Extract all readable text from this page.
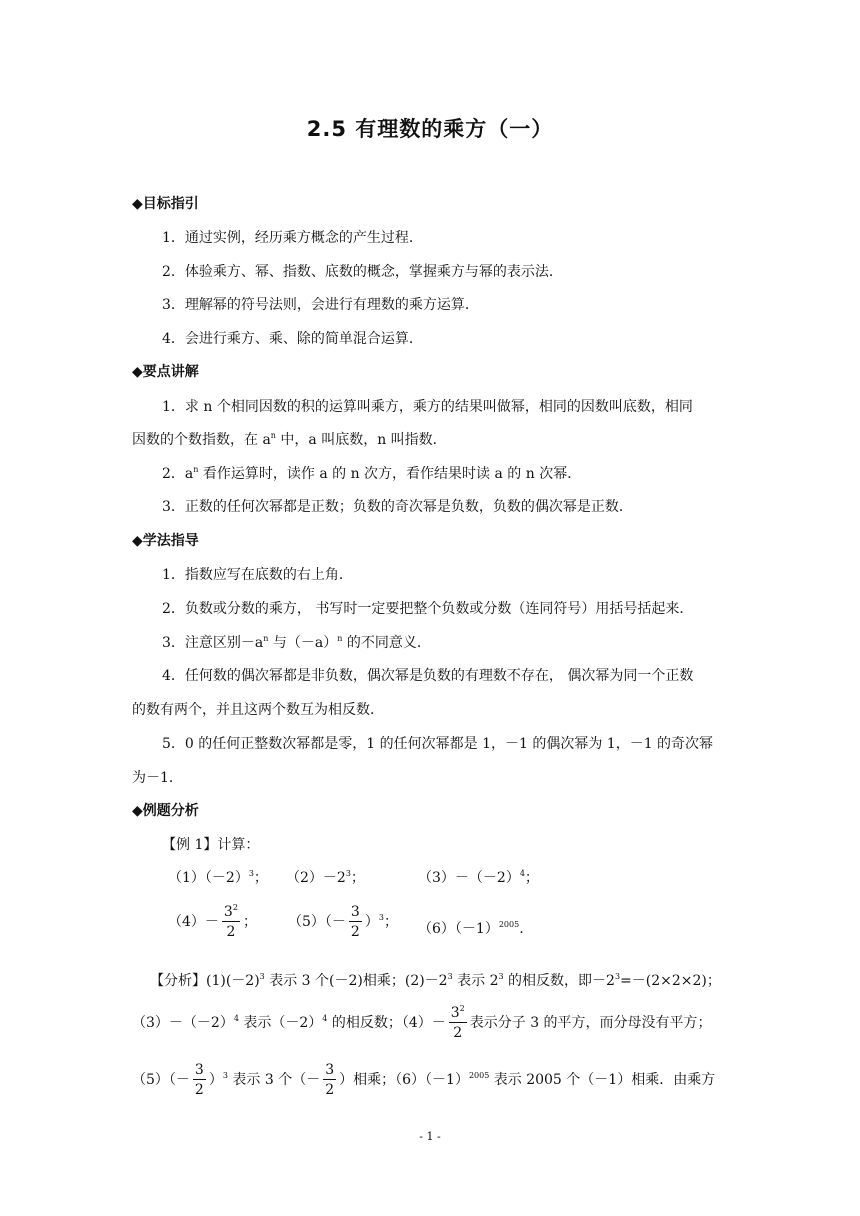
2.5 有理数的乘方（一）
◆目标指引
1．通过实例，经历乘方概念的产生过程．
2．体验乘方、幂、指数、底数的概念，掌握乘方与幂的表示法．
3．理解幂的符号法则，会进行有理数的乘方运算．
4．会进行乘方、乘、除的简单混合运算．
◆要点讲解
1．求 n 个相同因数的积的运算叫乘方，乘方的结果叫做幂，相同的因数叫底数，相同
因数的个数指数，在 $a^n$ 中，a 叫底数，n 叫指数．
2．$a^n$ 看作运算时，读作 a 的 n 次方，看作结果时读 a 的 n 次幂．
3．正数的任何次幂都是正数；负数的奇次幂是负数，负数的偶次幂是正数．
◆学法指导
1．指数应写在底数的右上角．
2．负数或分数的乘方， 书写时一定要把整个负数或分数（连同符号）用括号括起来．
3．注意区别$-a^n$ 与$(-a)^n$ 的不同意义．
4．任何数的偶次幂都是非负数，偶次幂是负数的有理数不存在， 偶次幂为同一个正数
的数有两个，并且这两个数互为相反数．
5．0 的任何正整数次幂都是零，1 的任何次幂都是 1，－1 的偶次幂为 1，－1 的奇次幂
为－1．
◆例题分析
【例 1】计算：
$(1)(-2)^3$； $(2)-2^3$；	$(3)-(-2)^4$；
$(4)- \frac{3^2}{2}$ ； $(5)(- \frac{3}{2} )^3$； $(6)(-1)^{2005}$.
【分析】$(1)(-2)^3$ 表示 3 个(－2)相乘；$(2)-2^3$ 表示 $2^3$ 的相反数，即$-2^3=-(2\times 2\times 2)$；
$(3)-(-2)^4$ 表示$(-2)^4$ 的相反数；$(4)- \frac{3^2}{2}$ 表示分子 3 的平方，而分母没有平方；
$(5)(- \frac{3}{2} )^3$ 表示 3 个（－ $\frac{3}{2}$ ）相乘；$(6)(-1)^{2005}$ 表示 2005 个（－1）相乘．由乘方
- 1 -
